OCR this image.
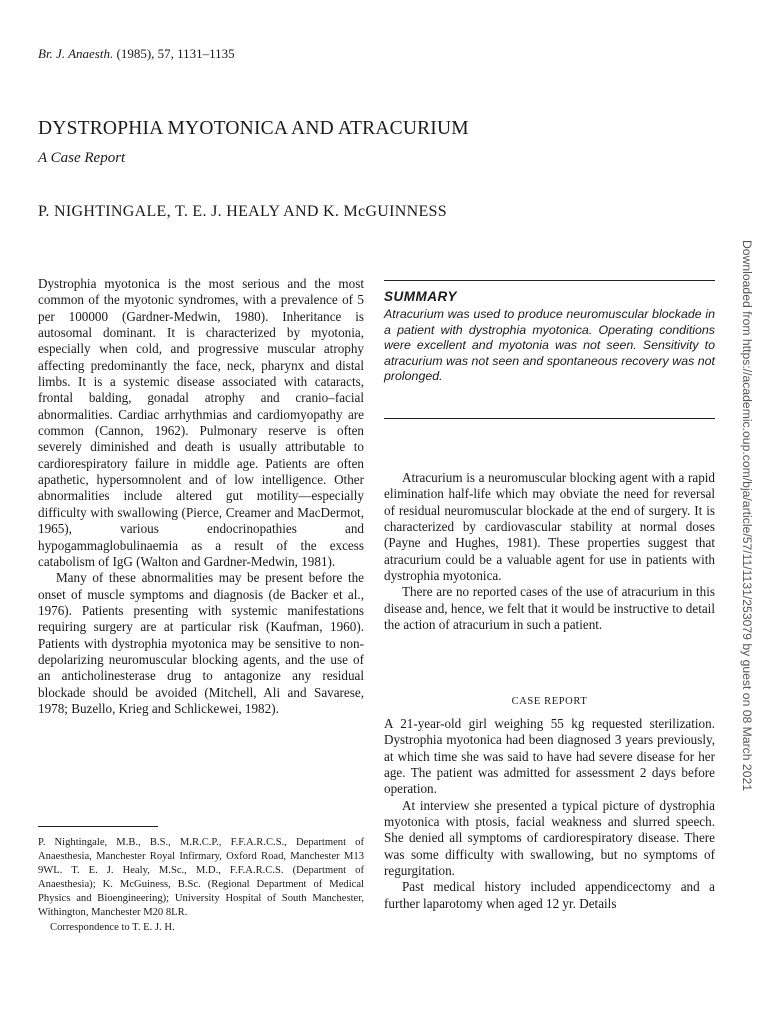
Br. J. Anaesth. (1985), 57, 1131–1135
DYSTROPHIA MYOTONICA AND ATRACURIUM
A Case Report
P. NIGHTINGALE, T. E. J. HEALY AND K. McGUINNESS

Dystrophia myotonica is the most serious and the most common of the myotonic syndromes, with a prevalence of 5 per 100000 (Gardner-Medwin, 1980). Inheritance is autosomal dominant. It is characterized by myotonia, especially when cold, and progressive muscular atrophy affecting predominantly the face, neck, pharynx and distal limbs. It is a systemic disease associated with cataracts, frontal balding, gonadal atrophy and cranio–facial abnormalities. Cardiac arrhythmias and cardiomyopathy are common (Cannon, 1962). Pulmonary reserve is often severely diminished and death is usually attributable to cardiorespiratory failure in middle age. Patients are often apathetic, hypersomnolent and of low intelligence. Other abnormalities include altered gut motility—especially difficulty with swallowing (Pierce, Creamer and MacDermot, 1965), various endocrinopathies and hypogammaglobulinaemia as a result of the excess catabolism of IgG (Walton and Gardner-Medwin, 1981).

Many of these abnormalities may be present before the onset of muscle symptoms and diagnosis (de Backer et al., 1976). Patients presenting with systemic manifestations requiring surgery are at particular risk (Kaufman, 1960). Patients with dystrophia myotonica may be sensitive to non-depolarizing neuromuscular blocking agents, and the use of an anticholinesterase drug to antagonize any residual blockade should be avoided (Mitchell, Ali and Savarese, 1978; Buzello, Krieg and Schlickewei, 1982).

SUMMARY
Atracurium was used to produce neuromuscular blockade in a patient with dystrophia myotonica. Operating conditions were excellent and myotonia was not seen. Sensitivity to atracurium was not seen and spontaneous recovery was not prolonged.

Atracurium is a neuromuscular blocking agent with a rapid elimination half-life which may obviate the need for reversal of residual neuromuscular blockade at the end of surgery. It is characterized by cardiovascular stability at normal doses (Payne and Hughes, 1981). These properties suggest that atracurium could be a valuable agent for use in patients with dystrophia myotonica.

There are no reported cases of the use of atracurium in this disease and, hence, we felt that it would be instructive to detail the action of atracurium in such a patient.

CASE REPORT

A 21-year-old girl weighing 55 kg requested sterilization. Dystrophia myotonica had been diagnosed 3 years previously, at which time she was said to have had severe disease for her age. The patient was admitted for assessment 2 days before operation.

At interview she presented a typical picture of dystrophia myotonica with ptosis, facial weakness and slurred speech. She denied all symptoms of cardiorespiratory disease. There was some difficulty with swallowing, but no symptoms of regurgitation.

Past medical history included appendicectomy and a further laparotomy when aged 12 yr. Details

P. Nightingale, M.B., B.S., M.R.C.P., F.F.A.R.C.S., Department of Anaesthesia, Manchester Royal Infirmary, Oxford Road, Manchester M13 9WL. T. E. J. Healy, M.Sc., M.D., F.F.A.R.C.S. (Department of Anaesthesia); K. McGuiness, B.Sc. (Regional Department of Medical Physics and Bioengineering); University Hospital of South Manchester, Withington, Manchester M20 8LR.

Correspondence to T. E. J. H.

Downloaded from https://academic.oup.com/bja/article/57/11/1131/253079 by guest on 08 March 2021
